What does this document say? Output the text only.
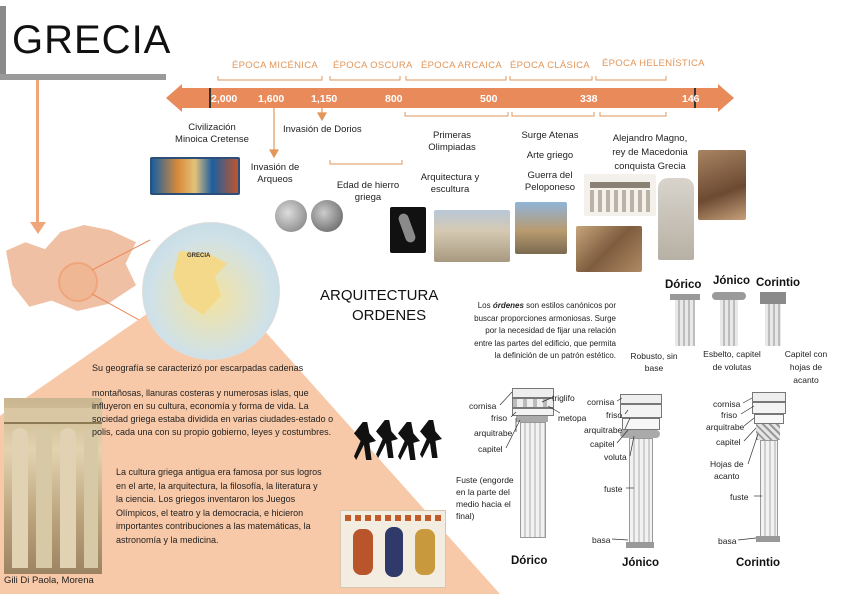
GRECIA
ÉPOCA MICÉNICA ÉPOCA OSCURA ÉPOCA ARCAICA ÉPOCA CLÁSICA ÉPOCA HELENÍSTICA
2,000 1,600	1,150	800	500	338	146
Civilización
Minoica Cretense
Invasión de Dorios
Invasión de
Arqueos
Edad de hierro
griega
Primeras
Olimpiadas
Arquitectura y
escultura
Surge Atenas
Arte griego
Guerra del
Peloponeso
Alejandro Magno,
rey de Macedonia
conquista Grecia
GRECIA
ARQUITECTURA
ORDENES
Los órdenes son estilos canónicos por
buscar proporciones armoniosas. Surge
por la necesidad de fijar una relación
entre las partes del edificio, que permita
la definición de un patrón estético.
Dórico Jónico Corintio
Robusto, sin
base
Esbelto, capitel
de volutas
Capitel con
hojas de
acanto
cornisa
friso
triglifo
metopa
arquitrabe
capitel
Fuste (engorde
en la parte del
medio hacia el
final)
Dórico
cornisa
friso
arquitrabe
capitel
voluta
fuste
basa
Jónico
cornisa
friso
arquitrabe
capitel
Hojas de
acanto
fuste
basa
Corintio
Gili Di Paola, Morena
Su geografía se caracterizó por escarpadas cadenas
montañosas, llanuras costeras y numerosas islas, que
influyeron en su cultura, economía y forma de vida. La
sociedad griega estaba dividida en varias ciudades-estado o
polis, cada una con su propio gobierno, leyes y costumbres.
La cultura griega antigua era famosa por sus logros
en el arte, la arquitectura, la filosofía, la literatura y
la ciencia. Los griegos inventaron los Juegos
Olímpicos, el teatro y la democracia, e hicieron
importantes contribuciones a las matemáticas, la
astronomía y la medicina.
